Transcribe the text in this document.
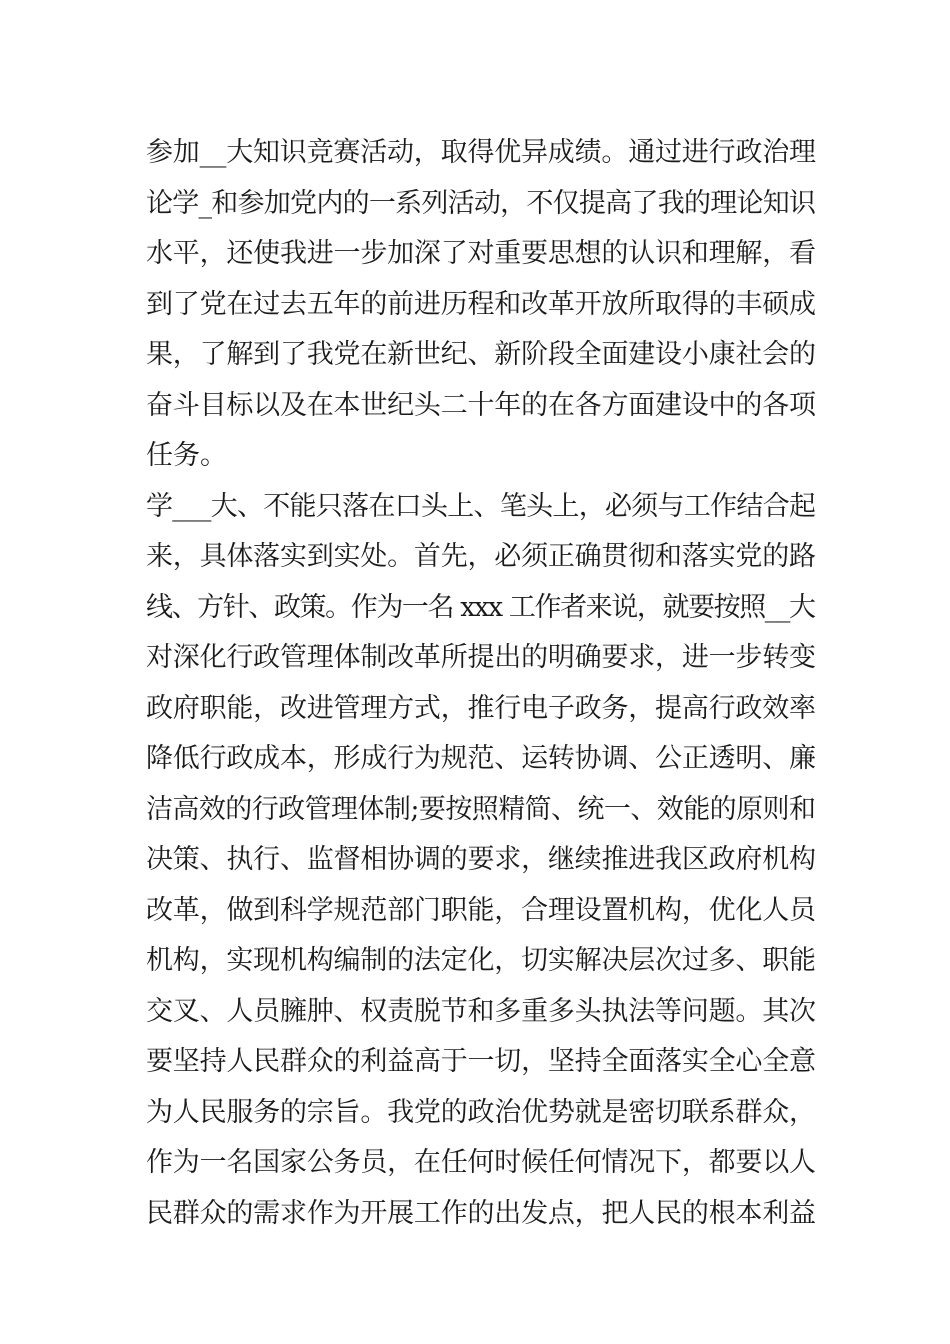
参加__大知识竞赛活动，取得优异成绩。通过进行政治理
论学_和参加党内的一系列活动，不仅提高了我的理论知识
水平，还使我进一步加深了对重要思想的认识和理解，看
到了党在过去五年的前进历程和改革开放所取得的丰硕成
果，了解到了我党在新世纪、新阶段全面建设小康社会的
奋斗目标以及在本世纪头二十年的在各方面建设中的各项
任务。
学___大、不能只落在口头上、笔头上，必须与工作结合起
来，具体落实到实处。首先，必须正确贯彻和落实党的路
线、方针、政策。作为一名 xxx 工作者来说，就要按照__大
对深化行政管理体制改革所提出的明确要求，进一步转变
政府职能，改进管理方式，推行电子政务，提高行政效率
降低行政成本，形成行为规范、运转协调、公正透明、廉
洁高效的行政管理体制;要按照精简、统一、效能的原则和
决策、执行、监督相协调的要求，继续推进我区政府机构
改革，做到科学规范部门职能，合理设置机构，优化人员
机构，实现机构编制的法定化，切实解决层次过多、职能
交叉、人员臃肿、权责脱节和多重多头执法等问题。其次
要坚持人民群众的利益高于一切，坚持全面落实全心全意
为人民服务的宗旨。我党的政治优势就是密切联系群众，
作为一名国家公务员，在任何时候任何情况下，都要以人
民群众的需求作为开展工作的出发点，把人民的根本利益
